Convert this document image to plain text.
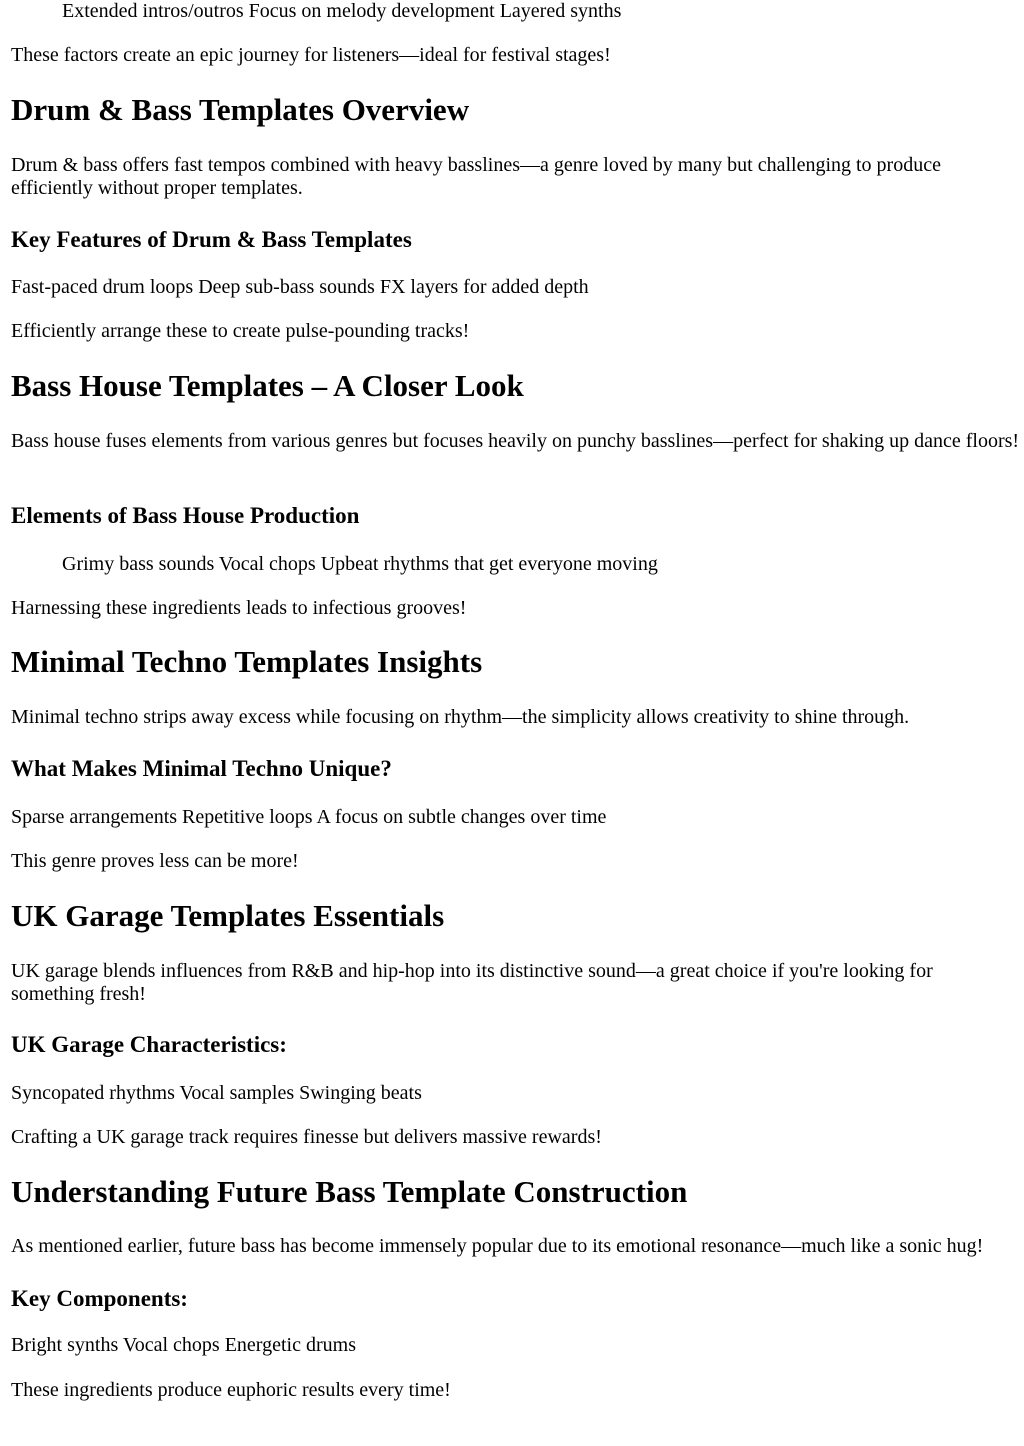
Extended intros/outros Focus on melody development Layered synths

These factors create an epic journey for listeners—ideal for festival stages!

Drum & Bass Templates Overview

Drum & bass offers fast tempos combined with heavy basslines—a genre loved by many but challenging to produce efficiently without proper templates.

Key Features of Drum & Bass Templates

Fast-paced drum loops Deep sub-bass sounds FX layers for added depth

Efficiently arrange these to create pulse-pounding tracks!

Bass House Templates – A Closer Look

Bass house fuses elements from various genres but focuses heavily on punchy basslines—perfect for shaking up dance floors!

Elements of Bass House Production

Grimy bass sounds Vocal chops Upbeat rhythms that get everyone moving

Harnessing these ingredients leads to infectious grooves!

Minimal Techno Templates Insights

Minimal techno strips away excess while focusing on rhythm—the simplicity allows creativity to shine through.

What Makes Minimal Techno Unique?

Sparse arrangements Repetitive loops A focus on subtle changes over time

This genre proves less can be more!

UK Garage Templates Essentials

UK garage blends influences from R&B and hip-hop into its distinctive sound—a great choice if you're looking for something fresh!

UK Garage Characteristics:

Syncopated rhythms Vocal samples Swinging beats

Crafting a UK garage track requires finesse but delivers massive rewards!

Understanding Future Bass Template Construction

As mentioned earlier, future bass has become immensely popular due to its emotional resonance—much like a sonic hug!

Key Components:

Bright synths Vocal chops Energetic drums

These ingredients produce euphoric results every time!
